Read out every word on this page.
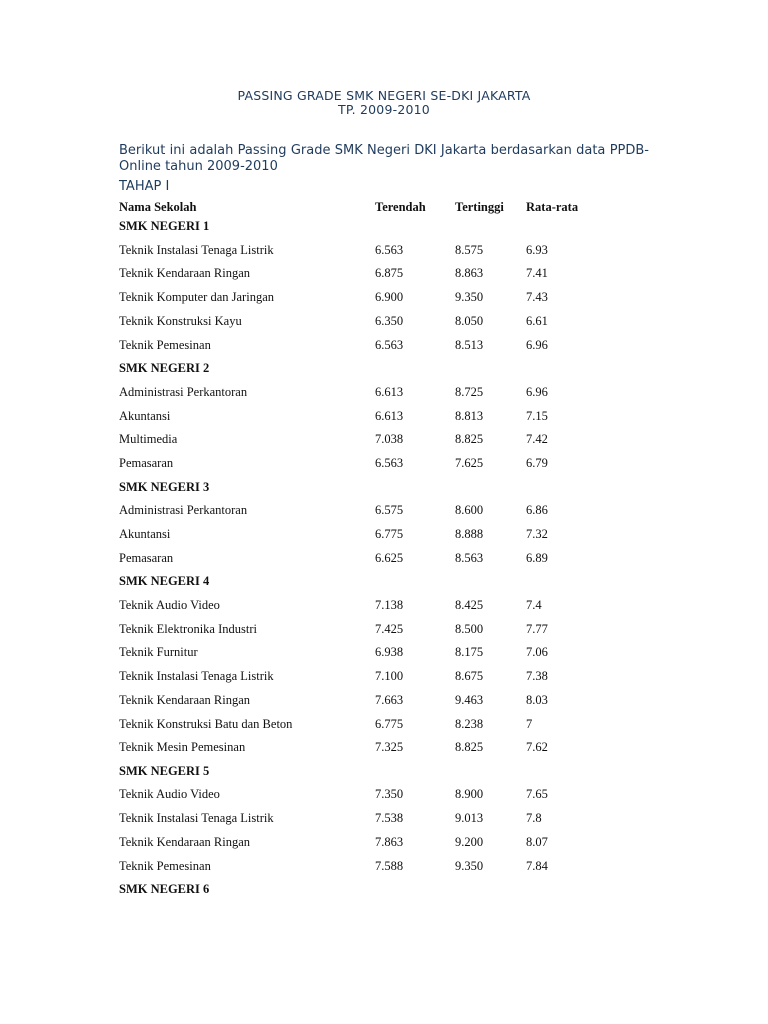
PASSING GRADE SMK NEGERI SE-DKI JAKARTA
TP. 2009-2010
Berikut ini adalah Passing Grade SMK Negeri DKI Jakarta berdasarkan data PPDB-Online tahun 2009-2010
TAHAP I
Nama Sekolah	Terendah Tertinggi Rata-rata
SMK NEGERI 1
Teknik Instalasi Tenaga Listrik	6.563	8.575	6.93
Teknik Kendaraan Ringan	6.875	8.863	7.41
Teknik Komputer dan Jaringan	6.900	9.350	7.43
Teknik Konstruksi Kayu	6.350	8.050	6.61
Teknik Pemesinan	6.563	8.513	6.96
SMK NEGERI 2
Administrasi Perkantoran	6.613	8.725	6.96
Akuntansi	6.613	8.813	7.15
Multimedia	7.038	8.825	7.42
Pemasaran	6.563	7.625	6.79
SMK NEGERI 3
Administrasi Perkantoran	6.575	8.600	6.86
Akuntansi	6.775	8.888	7.32
Pemasaran	6.625	8.563	6.89
SMK NEGERI 4
Teknik Audio Video	7.138	8.425	7.4
Teknik Elektronika Industri	7.425	8.500	7.77
Teknik Furnitur	6.938	8.175	7.06
Teknik Instalasi Tenaga Listrik	7.100	8.675	7.38
Teknik Kendaraan Ringan	7.663	9.463	8.03
Teknik Konstruksi Batu dan Beton	6.775	8.238	7
Teknik Mesin Pemesinan	7.325	8.825	7.62
SMK NEGERI 5
Teknik Audio Video	7.350	8.900	7.65
Teknik Instalasi Tenaga Listrik	7.538	9.013	7.8
Teknik Kendaraan Ringan	7.863	9.200	8.07
Teknik Pemesinan	7.588	9.350	7.84
SMK NEGERI 6
